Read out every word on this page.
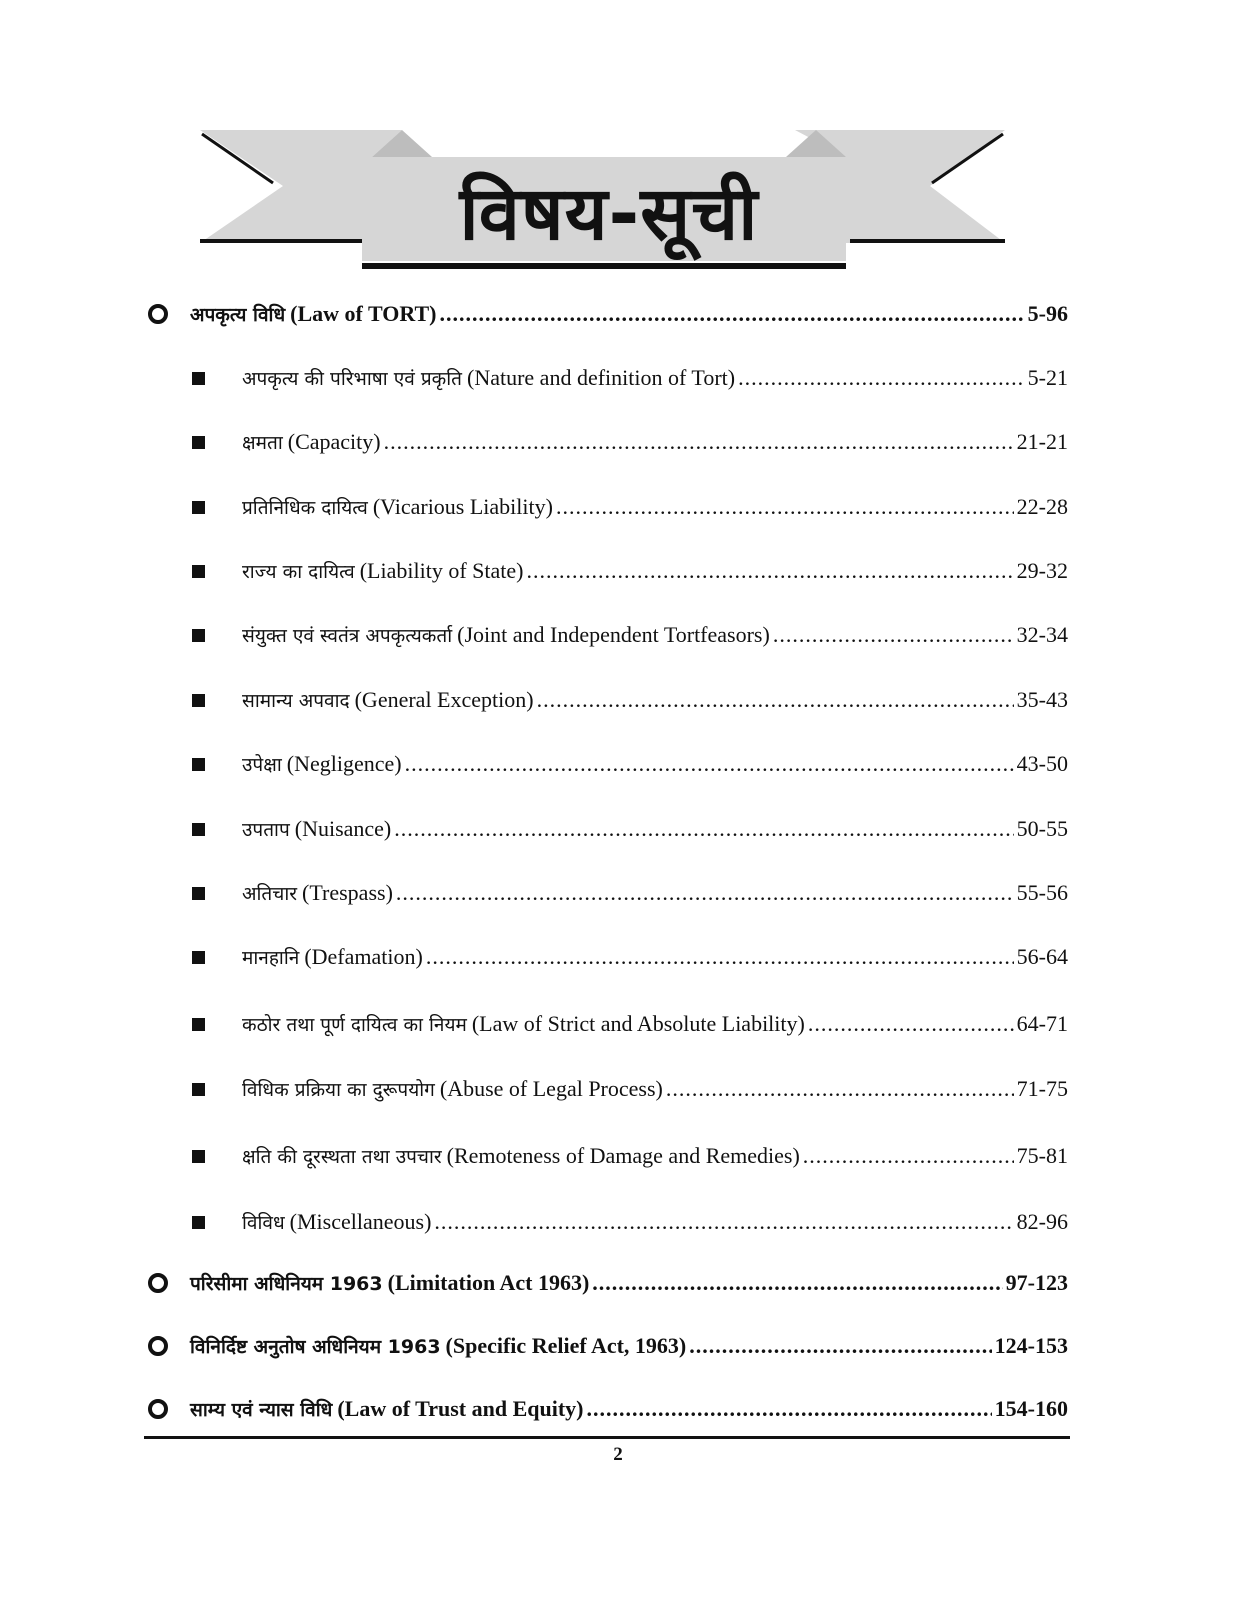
विषय-सूची
अपकृत्य विधि (Law of TORT) .....	5-96
अपकृत्य की परिभाषा एवं प्रकृति (Nature and definition of Tort) .....	5-21
क्षमता (Capacity) .....	21-21
प्रतिनिधिक दायित्व (Vicarious Liability) .....	22-28
राज्य का दायित्व (Liability of State) .....	29-32
संयुक्त एवं स्वतंत्र अपकृत्यकर्ता (Joint and Independent Tortfeasors) .....	32-34
सामान्य अपवाद (General Exception) .....	35-43
उपेक्षा (Negligence) .....	43-50
उपताप (Nuisance) .....	50-55
अतिचार (Trespass) .....	55-56
मानहानि (Defamation) .....	56-64
कठोर तथा पूर्ण दायित्व का नियम (Law of Strict and Absolute Liability) .....	64-71
विधिक प्रक्रिया का दुरूपयोग (Abuse of Legal Process) .....	71-75
क्षति की दूरस्थता तथा उपचार (Remoteness of Damage and Remedies) .....	75-81
विविध (Miscellaneous) .....	82-96
परिसीमा अधिनियम 1963 (Limitation Act 1963) .....	97-123
विनिर्दिष्ट अनुतोष अधिनियम 1963 (Specific Relief Act, 1963) .....	124-153
साम्य एवं न्यास विधि (Law of Trust and Equity) .....	154-160
2
